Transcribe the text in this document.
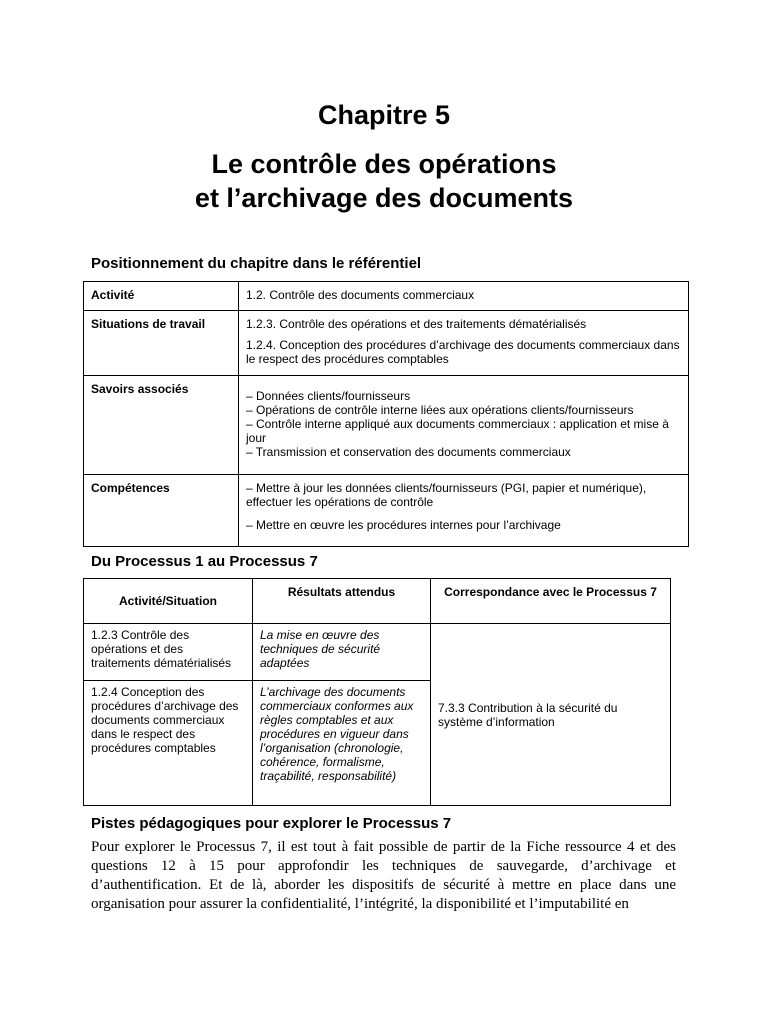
Chapitre 5
Le contrôle des opérations
et l’archivage des documents
Positionnement du chapitre dans le référentiel
Activité	1.2. Contrôle des documents commerciaux
Situations de travail	1.2.3. Contrôle des opérations et des traitements dématérialisés

1.2.4. Conception des procédures d’archivage des documents commerciaux dans le respect des procédures comptables

Savoirs associés	– Données clients/fournisseurs

– Opérations de contrôle interne liées aux opérations clients/fournisseurs

– Contrôle interne appliqué aux documents commerciaux : application et mise à jour

– Transmission et conservation des documents commerciaux

Compétences	– Mettre à jour les données clients/fournisseurs (PGI, papier et numérique), effectuer les opérations de contrôle

– Mettre en œuvre les procédures internes pour l’archivage

Du Processus 1 au Processus 7
Activité/Situation	Résultats attendus	Correspondance avec le Processus 7
1.2.3 Contrôle des opérations et des traitements dématérialisés	La mise en œuvre des techniques de sécurité adaptées	7.3.3 Contribution à la sécurité du système d’information
1.2.4 Conception des procédures d’archivage des documents commerciaux dans le respect des procédures comptables	L’archivage des documents commerciaux conformes aux règles comptables et aux procédures en vigueur dans l’organisation (chronologie, cohérence, formalisme, traçabilité, responsabilité)	
Pistes pédagogiques pour explorer le Processus 7

Pour explorer le Processus 7, il est tout à fait possible de partir de la Fiche ressource 4 et des questions 12 à 15 pour approfondir les techniques de sauvegarde, d’archivage et d’authentification. Et de là, aborder les dispositifs de sécurité à mettre en place dans une organisation pour assurer la confidentialité, l’intégrité, la disponibilité et l’imputabilité en
